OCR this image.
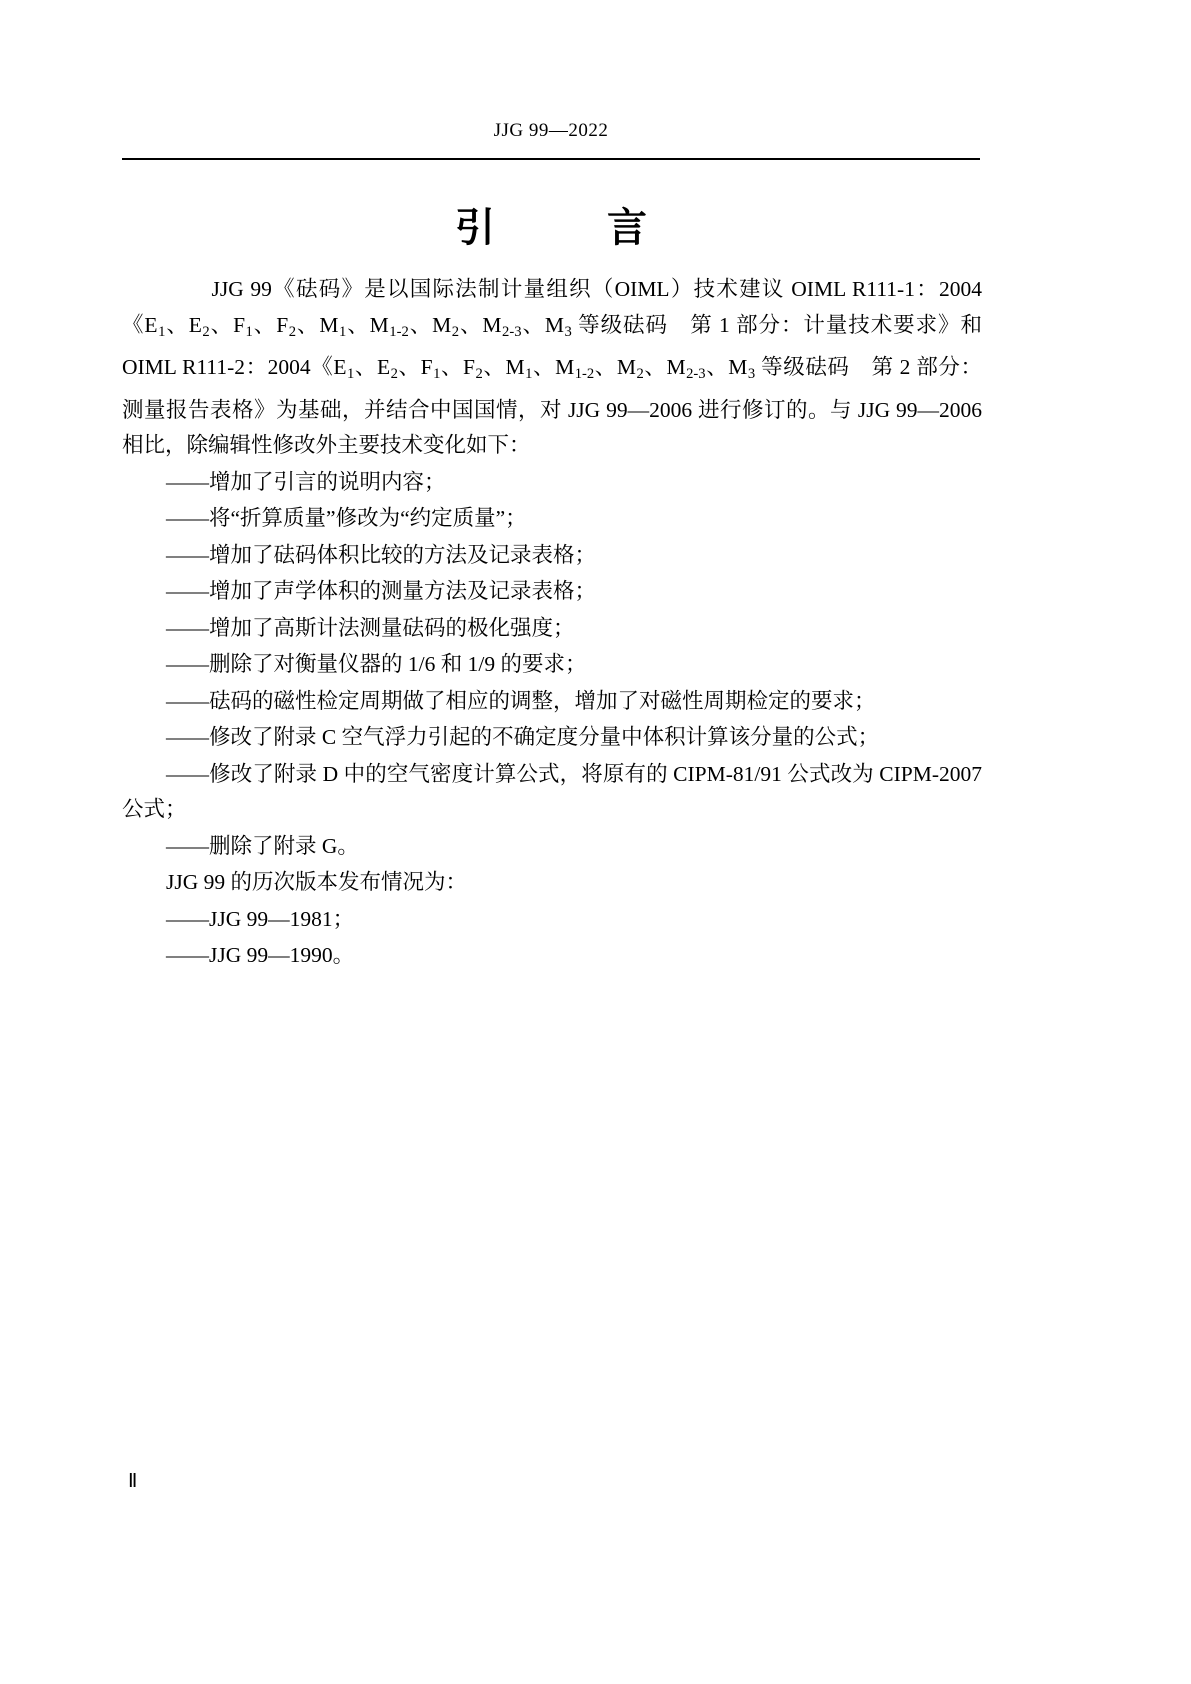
JJG 99—2022
引　言

　　JJG 99《砝码》是以国际法制计量组织（OIML）技术建议 OIML R111-1：2004《$E_1$、$E_2$、$F_1$、$F_2$、$M_1$、$M_{1-2}$、$M_2$、$M_{2-3}$、$M_3$ 等级砝码　第 1 部分：计量技术要求》和 OIML R111-2：2004《$E_1$、$E_2$、$F_1$、$F_2$、$M_1$、$M_{1-2}$、$M_2$、$M_{2-3}$、$M_3$ 等级砝码　第 2 部分：测量报告表格》为基础，并结合中国国情，对 JJG 99—2006 进行修订的。与 JJG 99—2006 相比，除编辑性修改外主要技术变化如下：

——增加了引言的说明内容；

——将“折算质量”修改为“约定质量”；

——增加了砝码体积比较的方法及记录表格；

——增加了声学体积的测量方法及记录表格；

——增加了高斯计法测量砝码的极化强度；

——删除了对衡量仪器的 1/6 和 1/9 的要求；

——砝码的磁性检定周期做了相应的调整，增加了对磁性周期检定的要求；

——修改了附录 C 空气浮力引起的不确定度分量中体积计算该分量的公式；

——修改了附录 D 中的空气密度计算公式，将原有的 CIPM-81/91 公式改为 CIPM-2007 公式；

——删除了附录 G。

JJG 99 的历次版本发布情况为：

——JJG 99—1981；

——JJG 99—1990。

Ⅱ
